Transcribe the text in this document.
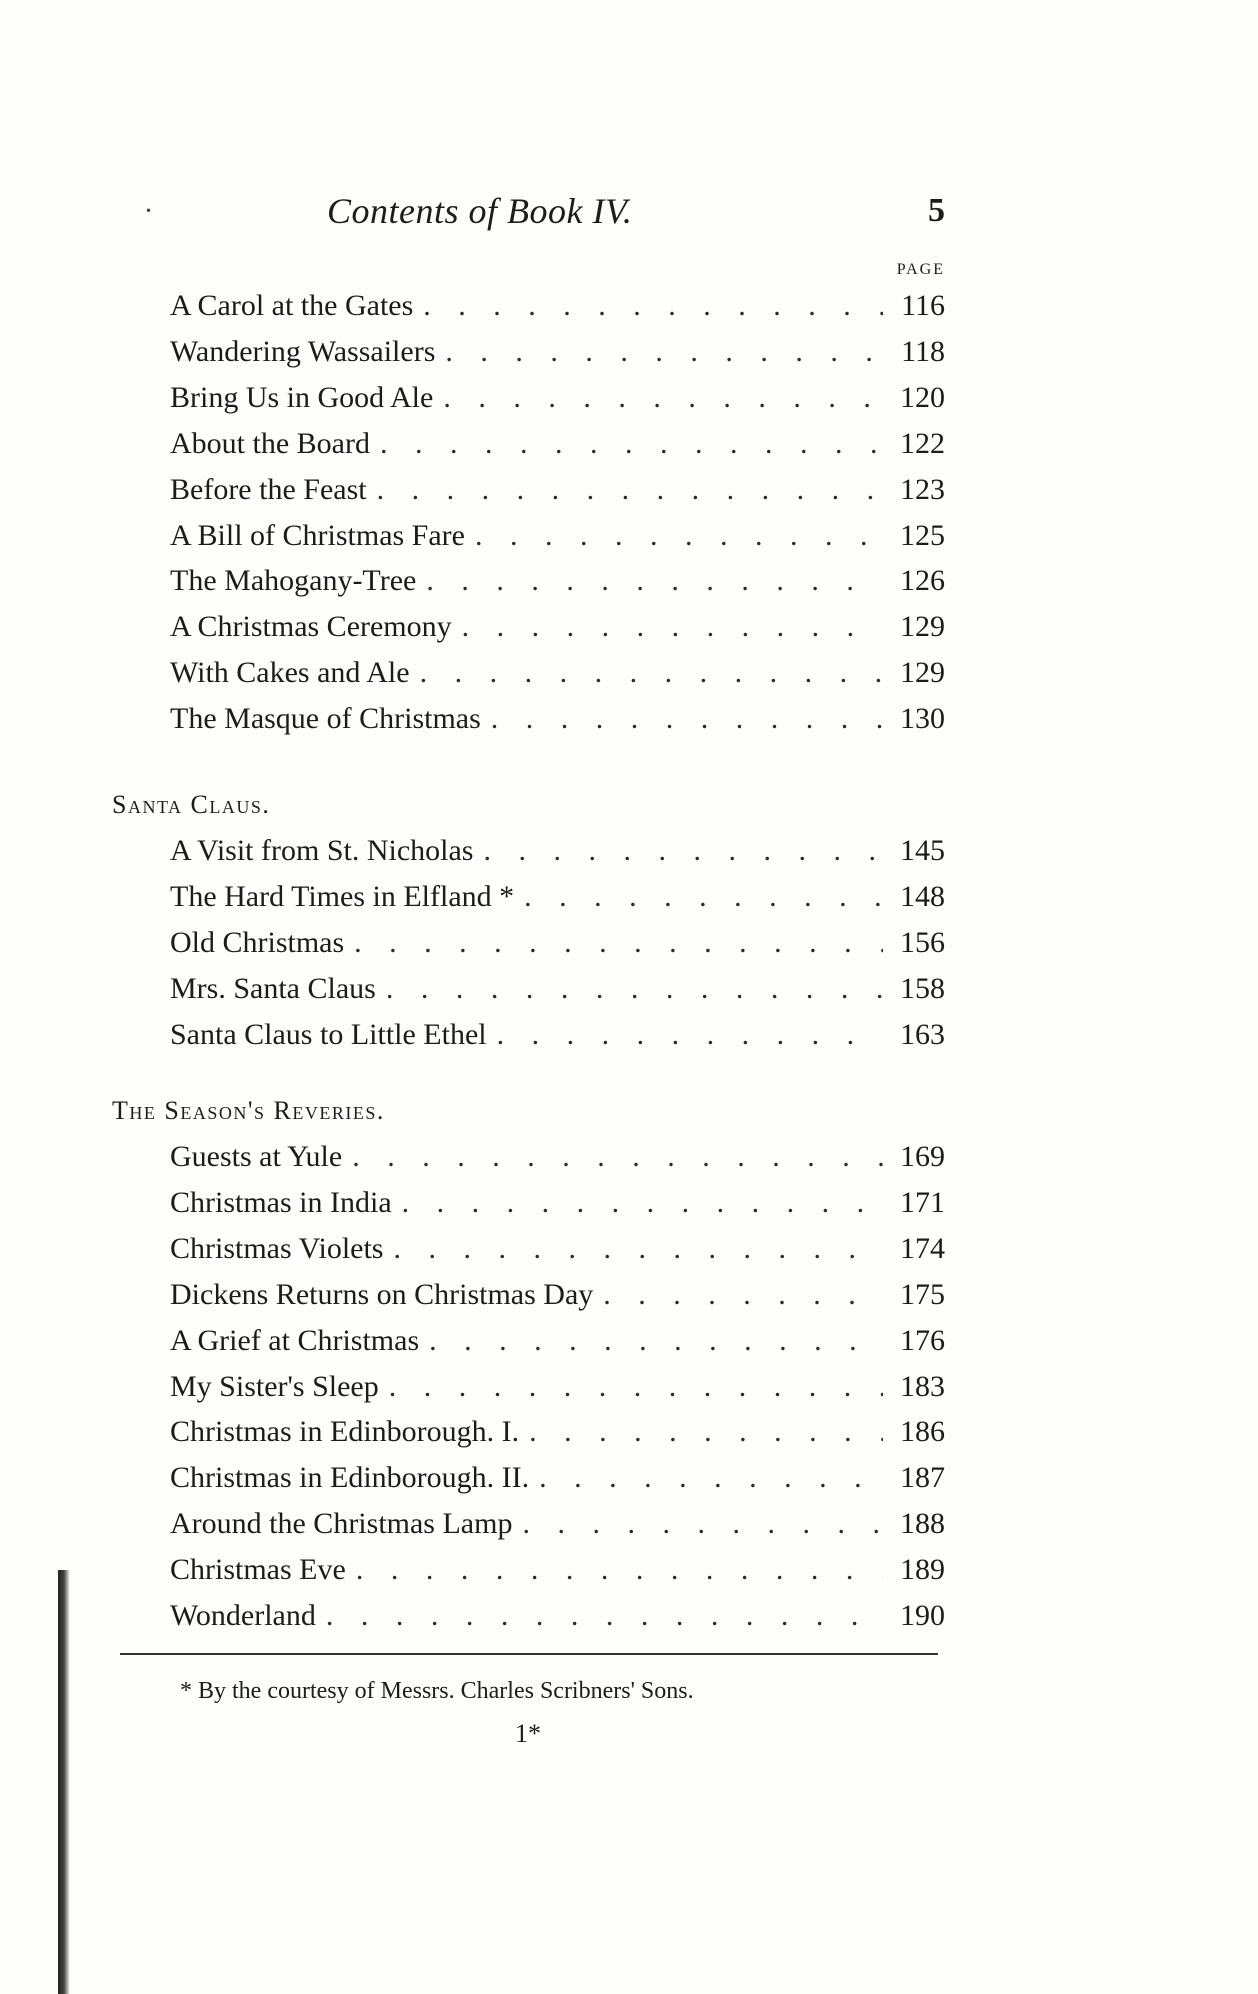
•	Contents of Book IV.	5
PAGE
A Carol at the Gates . . .	116
Wandering Wassailers . . .	118
Bring Us in Good Ale . . .	120
About the Board . . .	122
Before the Feast . . .	123
A Bill of Christmas Fare . . .	125
The Mahogany-Tree . . .	126
A Christmas Ceremony . . .	129
With Cakes and Ale . . .	129
The Masque of Christmas . . .	130
Santa Claus.
A Visit from St. Nicholas . . .	145
The Hard Times in Elfland * . . .	148
Old Christmas . . .	156
Mrs. Santa Claus . . .	158
Santa Claus to Little Ethel . . .	163
The Season's Reveries.
Guests at Yule . . .	169
Christmas in India . . .	171
Christmas Violets . . .	174
Dickens Returns on Christmas Day . . .	175
A Grief at Christmas . . .	176
My Sister's Sleep . . .	183
Christmas in Edinborough. I. . . .	186
Christmas in Edinborough. II. . . .	187
Around the Christmas Lamp . . .	188
Christmas Eve . . .	189
Wonderland . . .	190
* By the courtesy of Messrs. Charles Scribners' Sons.
1*
